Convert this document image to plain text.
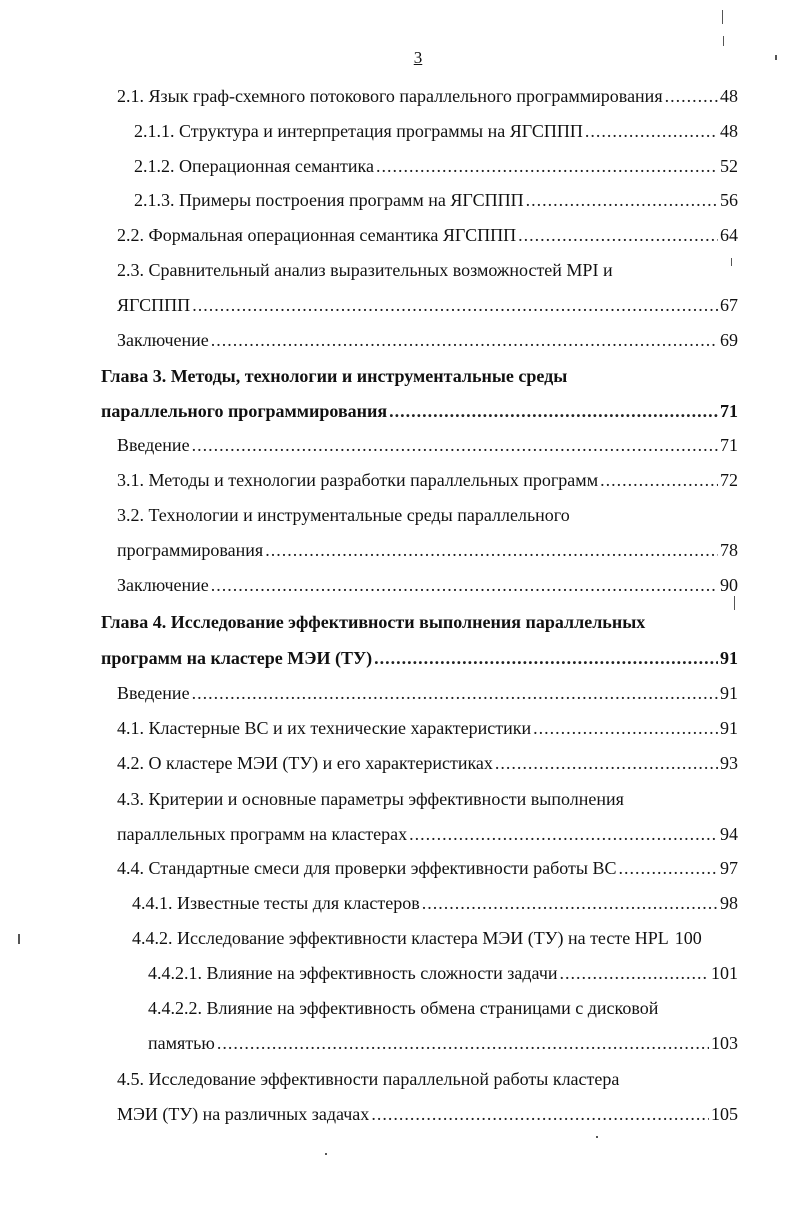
3
2.1. Язык граф-схемного потокового параллельного программирования .....	48
2.1.1. Структура и интерпретация программы на ЯГСППП .....	48
2.1.2. Операционная семантика .....	52
2.1.3. Примеры построения программ на ЯГСППП .....	56
2.2. Формальная операционная семантика ЯГСППП .....	64
2.3. Сравнительный анализ выразительных возможностей MPI и
ЯГСППП .....	67
Заключение .....	69
Глава 3. Методы, технологии и инструментальные среды
параллельного программирования .....	71
Введение .....	71
3.1. Методы и технологии разработки параллельных программ .....	72
3.2. Технологии и инструментальные среды параллельного
программирования .....	78
Заключение .....	90
Глава 4. Исследование эффективности выполнения параллельных
программ на кластере МЭИ (ТУ) .....	91
Введение .....	91
4.1. Кластерные ВС и их технические характеристики .....	91
4.2. О кластере МЭИ (ТУ) и его характеристиках .....	93
4.3. Критерии и основные параметры эффективности выполнения
параллельных программ на кластерах .....	94
4.4. Стандартные смеси для проверки эффективности работы ВС .....	97
4.4.1. Известные тесты для кластеров .....	98
4.4.2. Исследование эффективности кластера МЭИ (ТУ) на тесте HPL 100
4.4.2.1. Влияние на эффективность сложности задачи .....	101
4.4.2.2. Влияние на эффективность обмена страницами с дисковой
памятью .....	103
4.5. Исследование эффективности параллельной работы кластера
МЭИ (ТУ) на различных задачах .....	105
